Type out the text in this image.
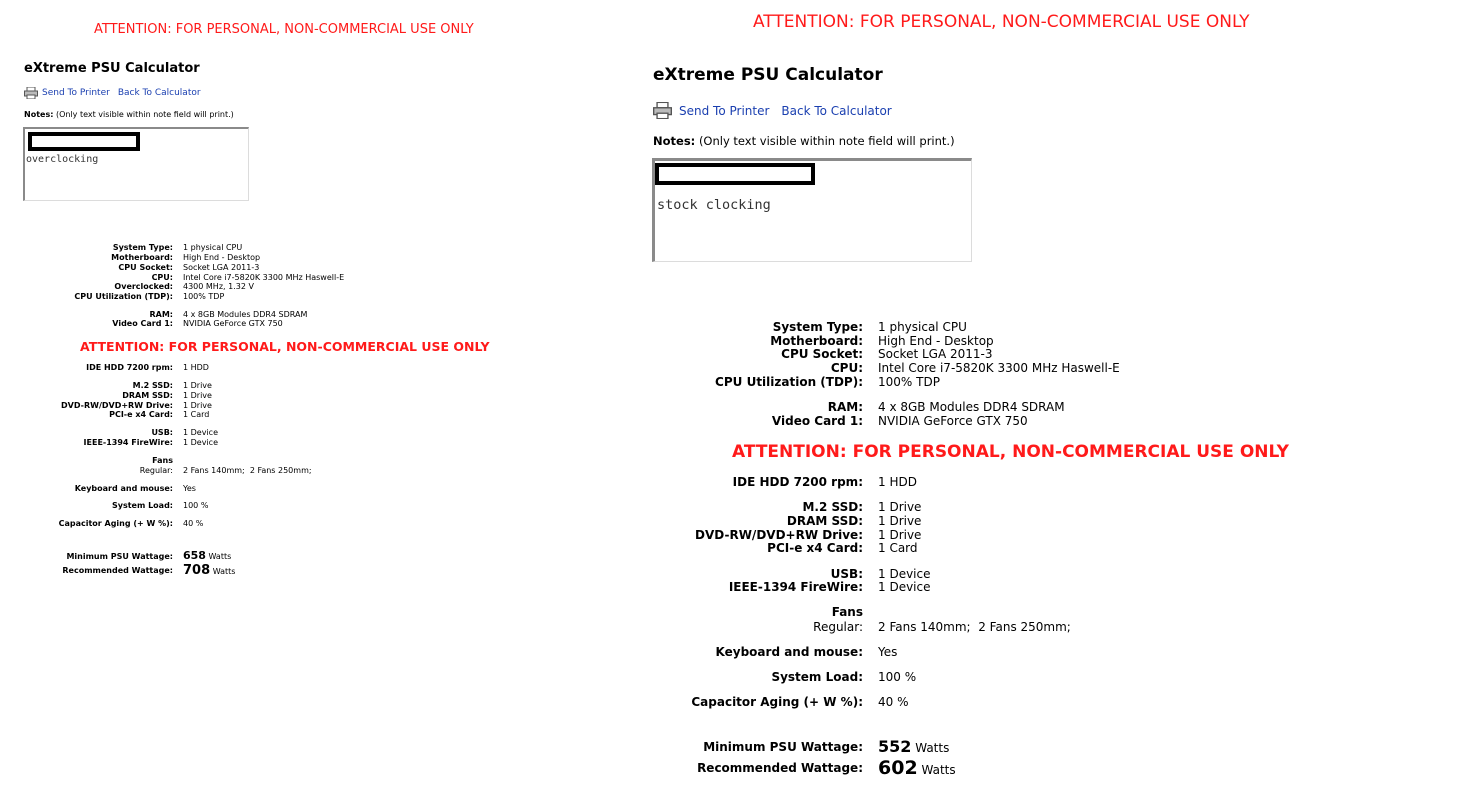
ATTENTION: FOR PERSONAL, NON-COMMERCIAL USE ONLY
eXtreme PSU Calculator
Send To Printer Back To Calculator
Notes: (Only text visible within note field will print.)
overclocking
System Type: 1 physical CPU
Motherboard: High End - Desktop
CPU Socket: Socket LGA 2011-3
CPU: Intel Core i7-5820K 3300 MHz Haswell-E
Overclocked: 4300 MHz, 1.32 V
CPU Utilization (TDP): 100% TDP
RAM: 4 x 8GB Modules DDR4 SDRAM
Video Card 1: NVIDIA GeForce GTX 750
ATTENTION: FOR PERSONAL, NON-COMMERCIAL USE ONLY
IDE HDD 7200 rpm: 1 HDD
M.2 SSD: 1 Drive
DRAM SSD: 1 Drive
DVD-RW/DVD+RW Drive: 1 Drive
PCI-e x4 Card: 1 Card
USB: 1 Device
IEEE-1394 FireWire: 1 Device
Fans
Regular: 2 Fans 140mm;  2 Fans 250mm;
Keyboard and mouse: Yes
System Load: 100 %
Capacitor Aging (+ W %): 40 %
Minimum PSU Wattage: 658 Watts
Recommended Wattage: 708 Watts
ATTENTION: FOR PERSONAL, NON-COMMERCIAL USE ONLY
eXtreme PSU Calculator
Send To Printer Back To Calculator
Notes: (Only text visible within note field will print.)
stock clocking
System Type: 1 physical CPU
Motherboard: High End - Desktop
CPU Socket: Socket LGA 2011-3
CPU: Intel Core i7-5820K 3300 MHz Haswell-E
CPU Utilization (TDP): 100% TDP
RAM: 4 x 8GB Modules DDR4 SDRAM
Video Card 1: NVIDIA GeForce GTX 750
ATTENTION: FOR PERSONAL, NON-COMMERCIAL USE ONLY
IDE HDD 7200 rpm: 1 HDD
M.2 SSD: 1 Drive
DRAM SSD: 1 Drive
DVD-RW/DVD+RW Drive: 1 Drive
PCI-e x4 Card: 1 Card
USB: 1 Device
IEEE-1394 FireWire: 1 Device
Fans
Regular: 2 Fans 140mm;  2 Fans 250mm;
Keyboard and mouse: Yes
System Load: 100 %
Capacitor Aging (+ W %): 40 %
Minimum PSU Wattage: 552 Watts
Recommended Wattage: 602 Watts
